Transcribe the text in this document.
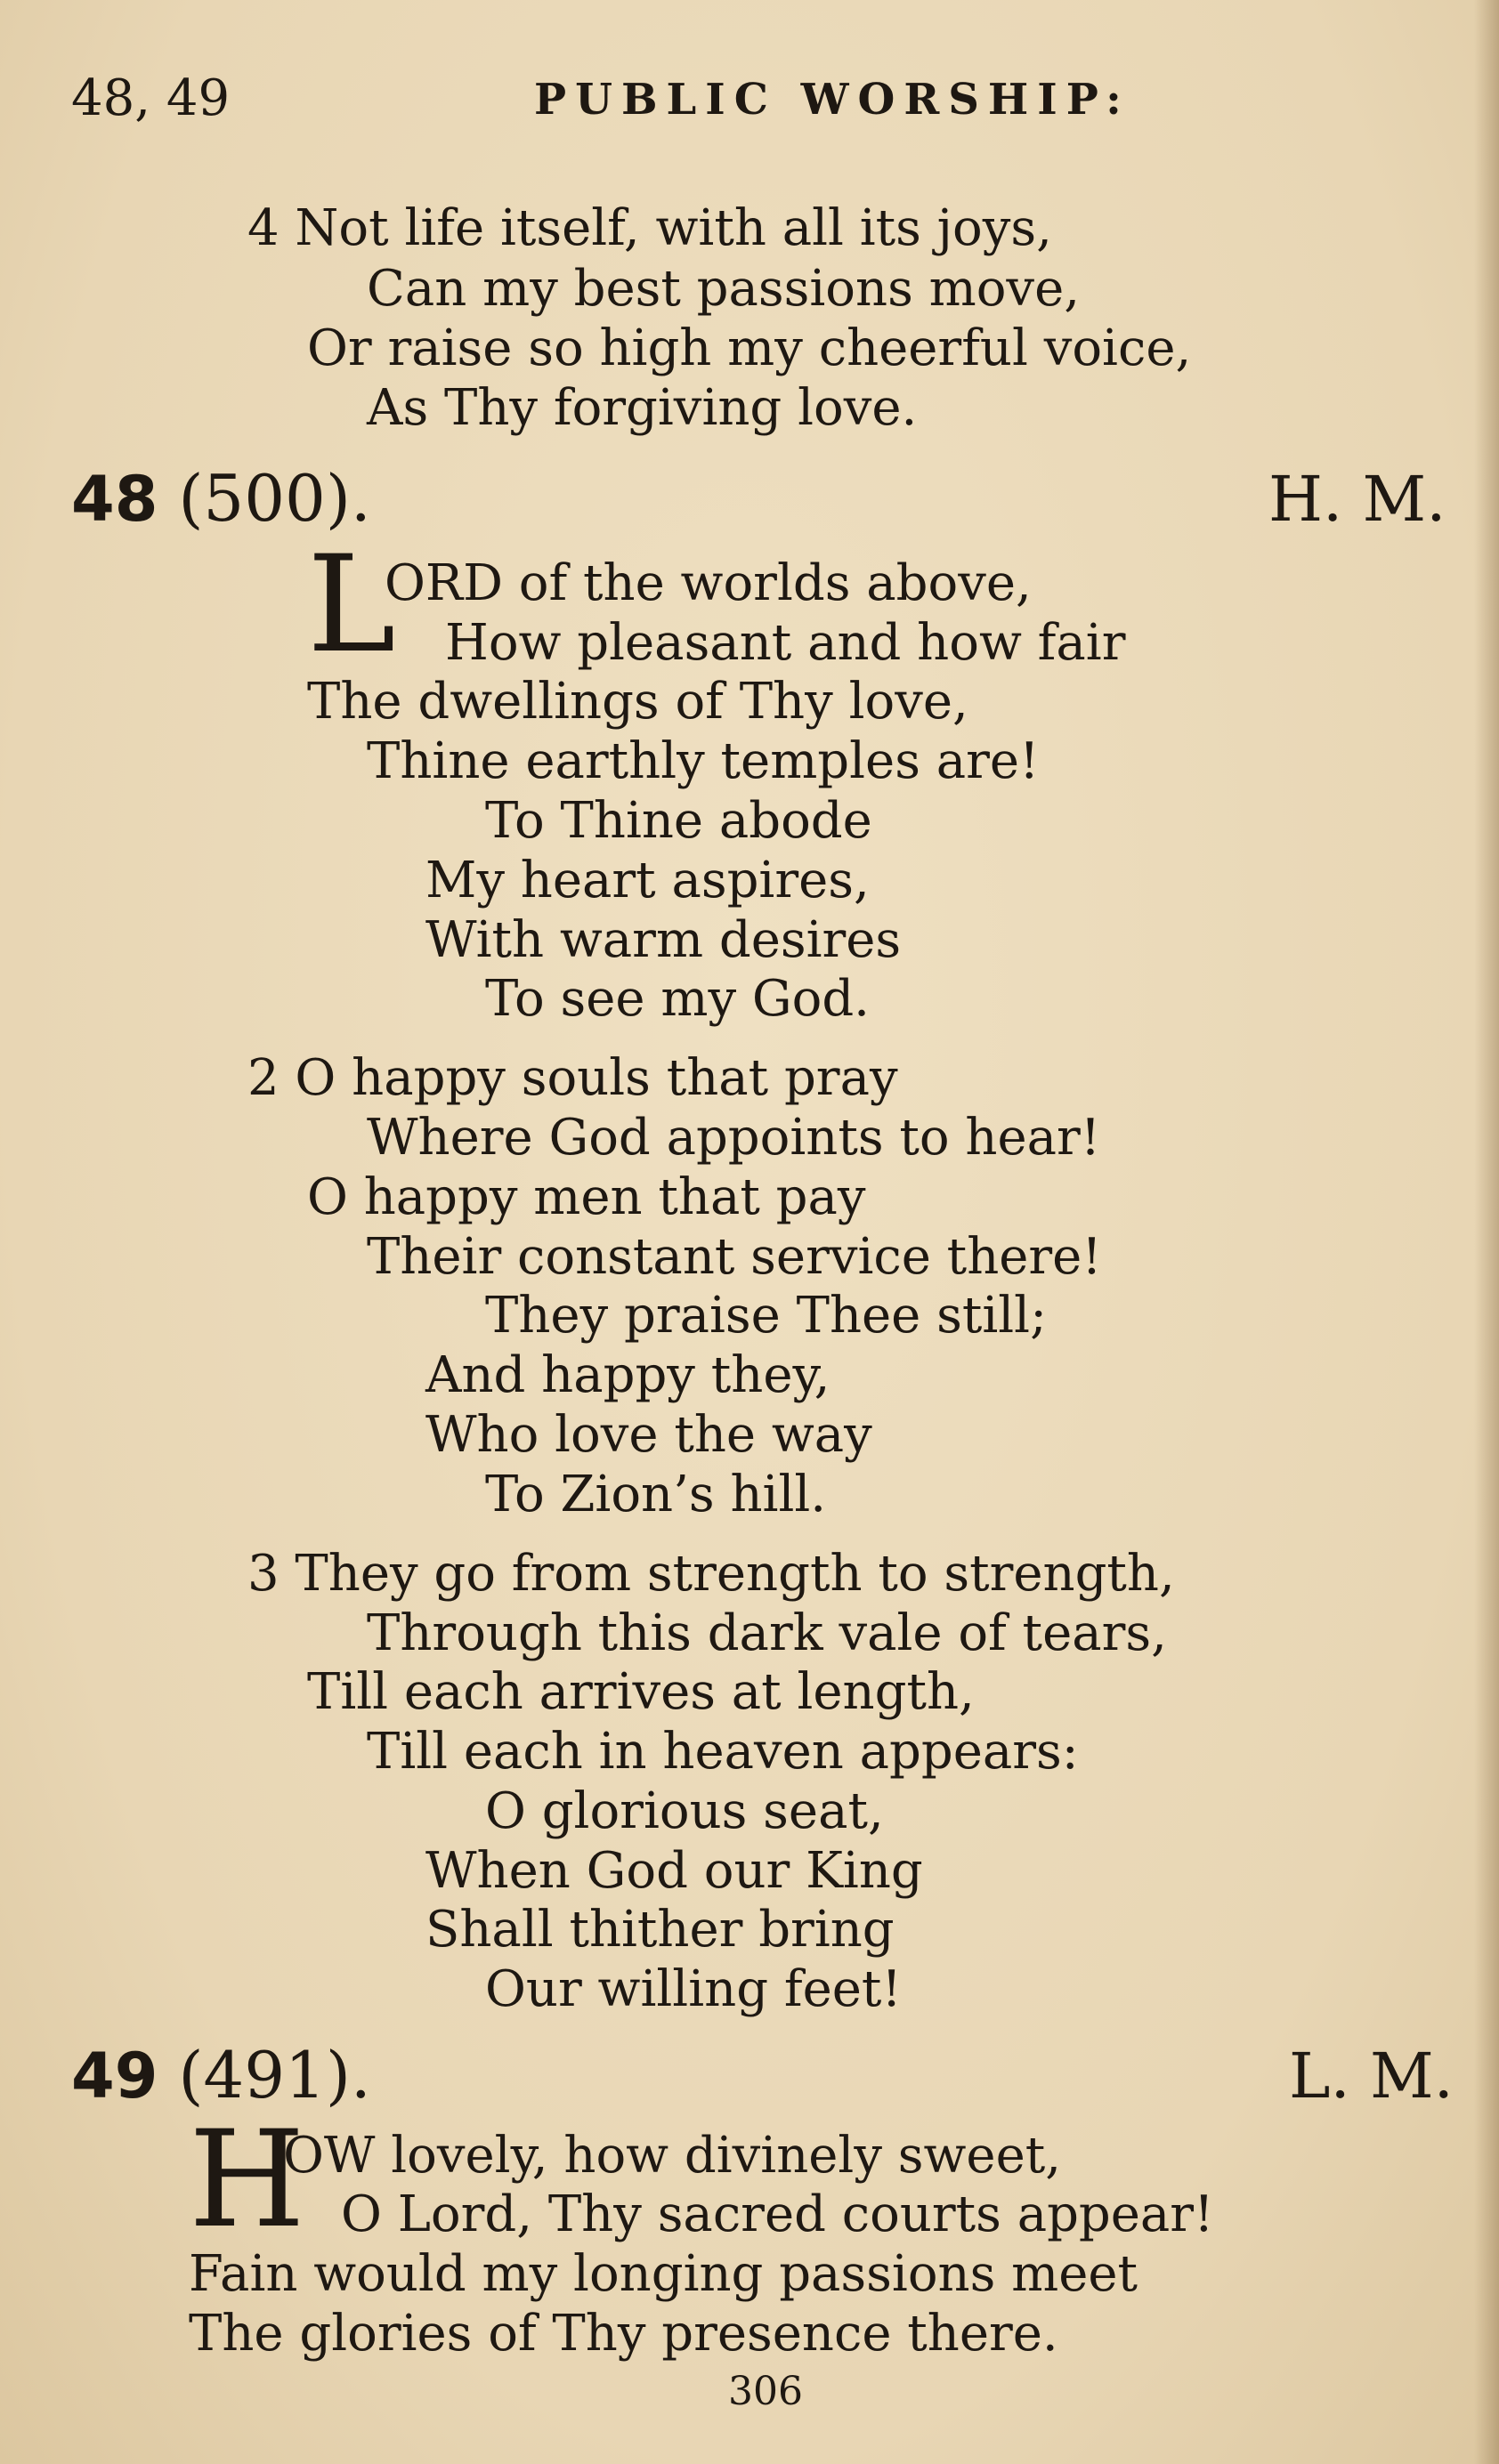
48, 49	PUBLIC WORSHIP:
4 Not life itself, with all its joys,
Can my best passions move,
Or raise so high my cheerful voice,
As Thy forgiving love.
48 (500).	H. M.
L
ORD of the worlds above,
How pleasant and how fair
The dwellings of Thy love,
Thine earthly temples are!
To Thine abode
My heart aspires,
With warm desires
To see my God.
2 O happy souls that pray
Where God appoints to hear!
O happy men that pay
Their constant service there!
They praise Thee still;
And happy they,
Who love the way
To Zion’s hill.
3 They go from strength to strength,
Through this dark vale of tears,
Till each arrives at length,
Till each in heaven appears:
O glorious seat,
When God our King
Shall thither bring
Our willing feet!
49 (491).	L. M.
H
OW lovely, how divinely sweet,
O Lord, Thy sacred courts appear!
Fain would my longing passions meet
The glories of Thy presence there.
306
